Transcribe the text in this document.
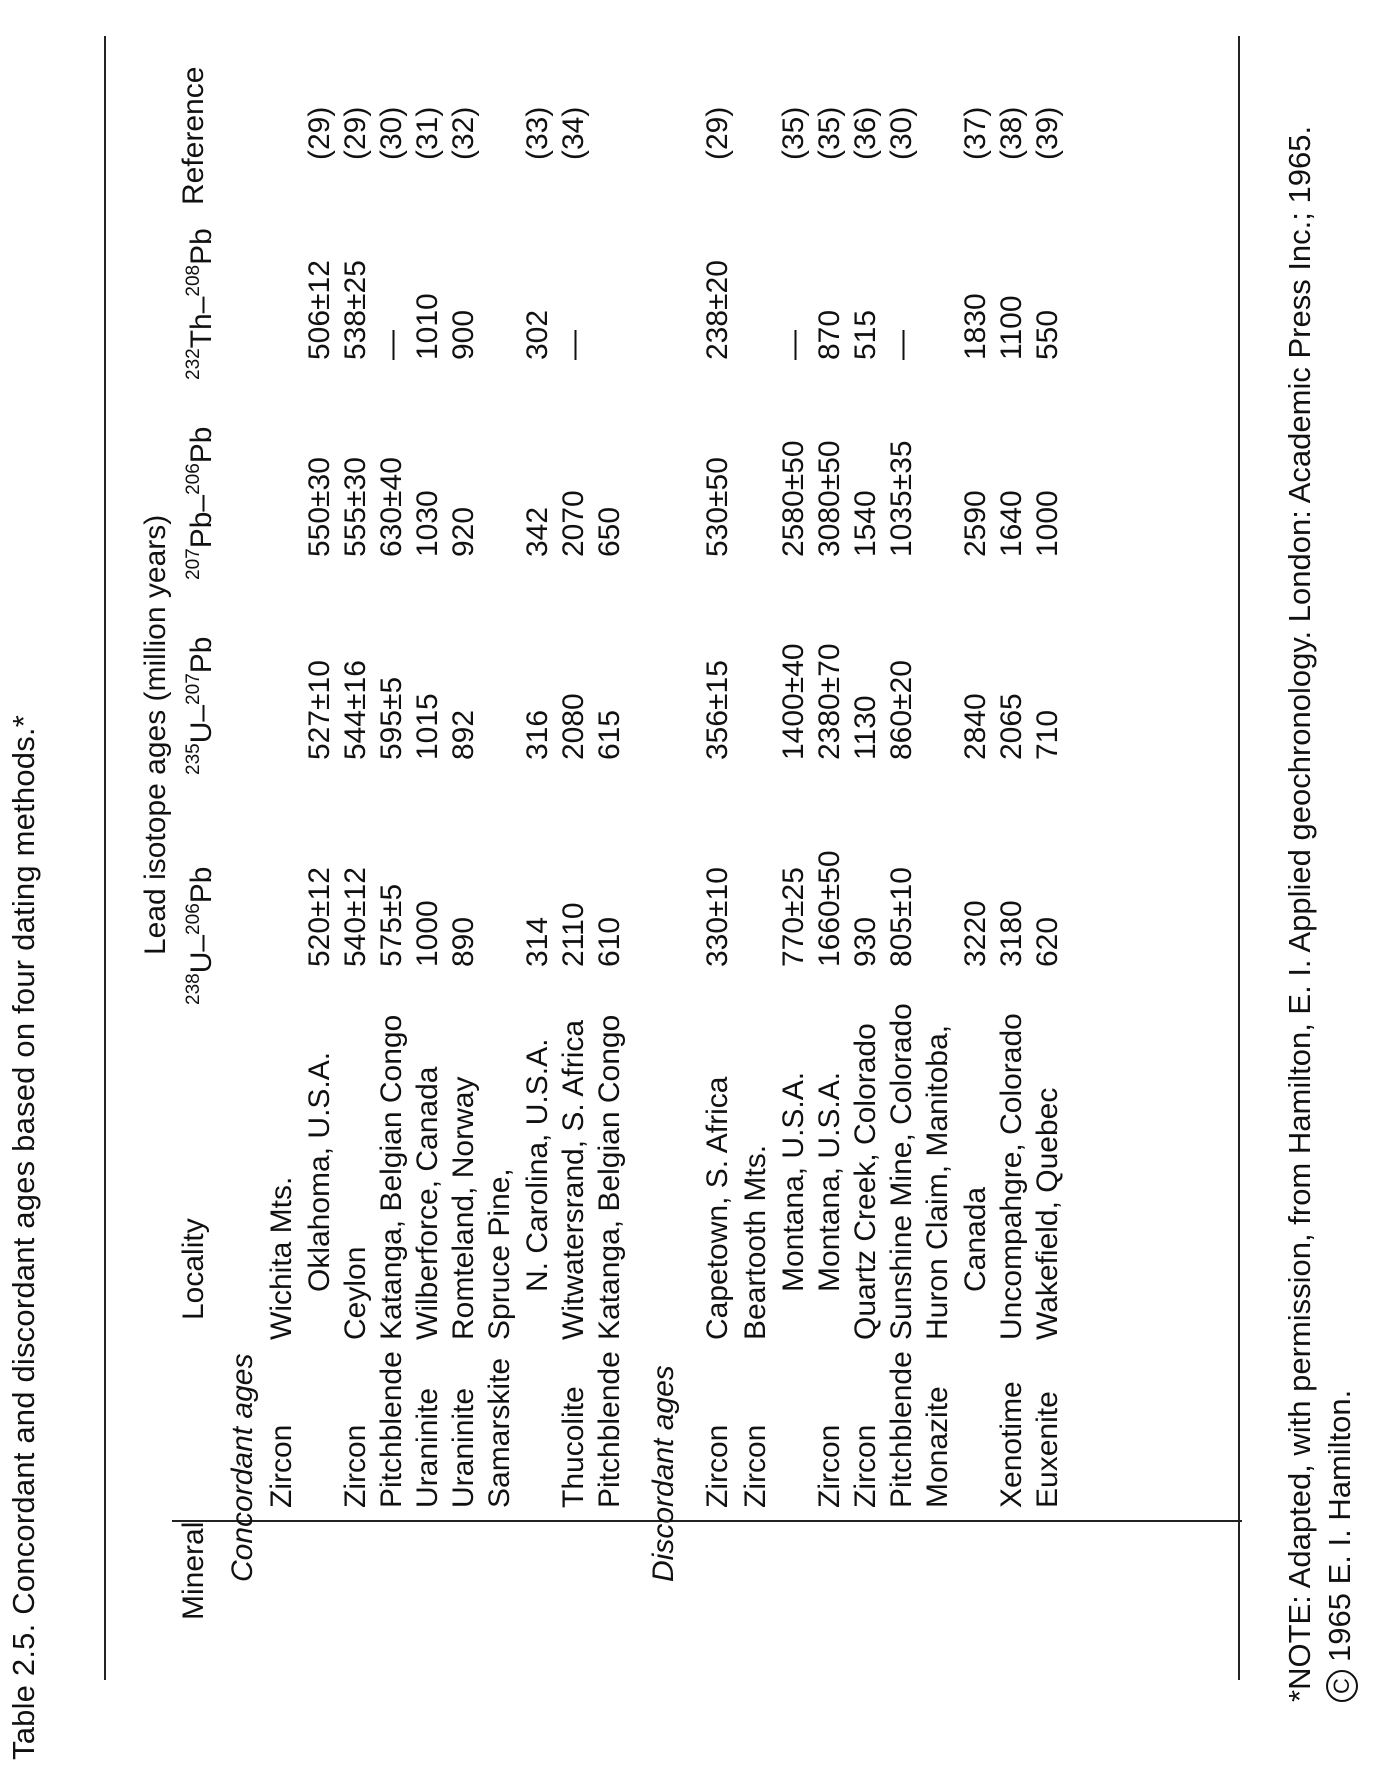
Table 2.5. Concordant and discordant ages based on four dating methods.*	Lead isotope ages (million years)
Mineral
Locality
Reference
$^{238}$U–$^{206}$Pb
$^{235}$U–$^{207}$Pb
$^{207}$Pb–$^{206}$Pb
$^{232}$Th–$^{208}$Pb
Concordant ages Zircon
Wichita Mts. Oklahoma, U.S.A.
520±12
527±10
550±30
506±12
(29)
Zircon
Ceylon
540±12
544±16
555±30
538±25
(29)
Pitchblende
Katanga, Belgian Congo
575±5
595±5
630±40
—
(30)
Uraninite
Wilberforce, Canada
1000
1015
1030
1010
(31)
Uraninite
Romteland, Norway
890
892
920
900
(32)
Samarskite
Spruce Pine, N. Carolina, U.S.A.
314
316
342
302
(33)
Thucolite
Witwatersrand, S. Africa
2110
2080
2070
—
(34)
Pitchblende
Katanga, Belgian Congo
610
615
650
Discordant ages Zircon
Capetown, S. Africa
330±10
356±15
530±50
238±20
(29)
Zircon
Beartooth Mts. Montana, U.S.A.
770±25
1400±40
2580±50
—
(35)
Zircon
Montana, U.S.A.
1660±50
2380±70
3080±50
870
(35)
Zircon
Quartz Creek, Colorado
930
1130
1540
515
(36)
Pitchblende
Sunshine Mine, Colorado
805±10
860±20
1035±35
—
(30)
Monazite
Huron Claim, Manitoba, Canada
3220
2840
2590
1830
(37)
Xenotime
Uncompahgre, Colorado
3180
2065
1640
1100
(38)
Euxenite
Wakefield, Quebec
620
710
1000
550
(39)	*NOTE: Adapted, with permission, from Hamilton, E. I. Applied geochronology. London: Academic Press Inc.; 1965. C1965 E. I. Hamilton.
